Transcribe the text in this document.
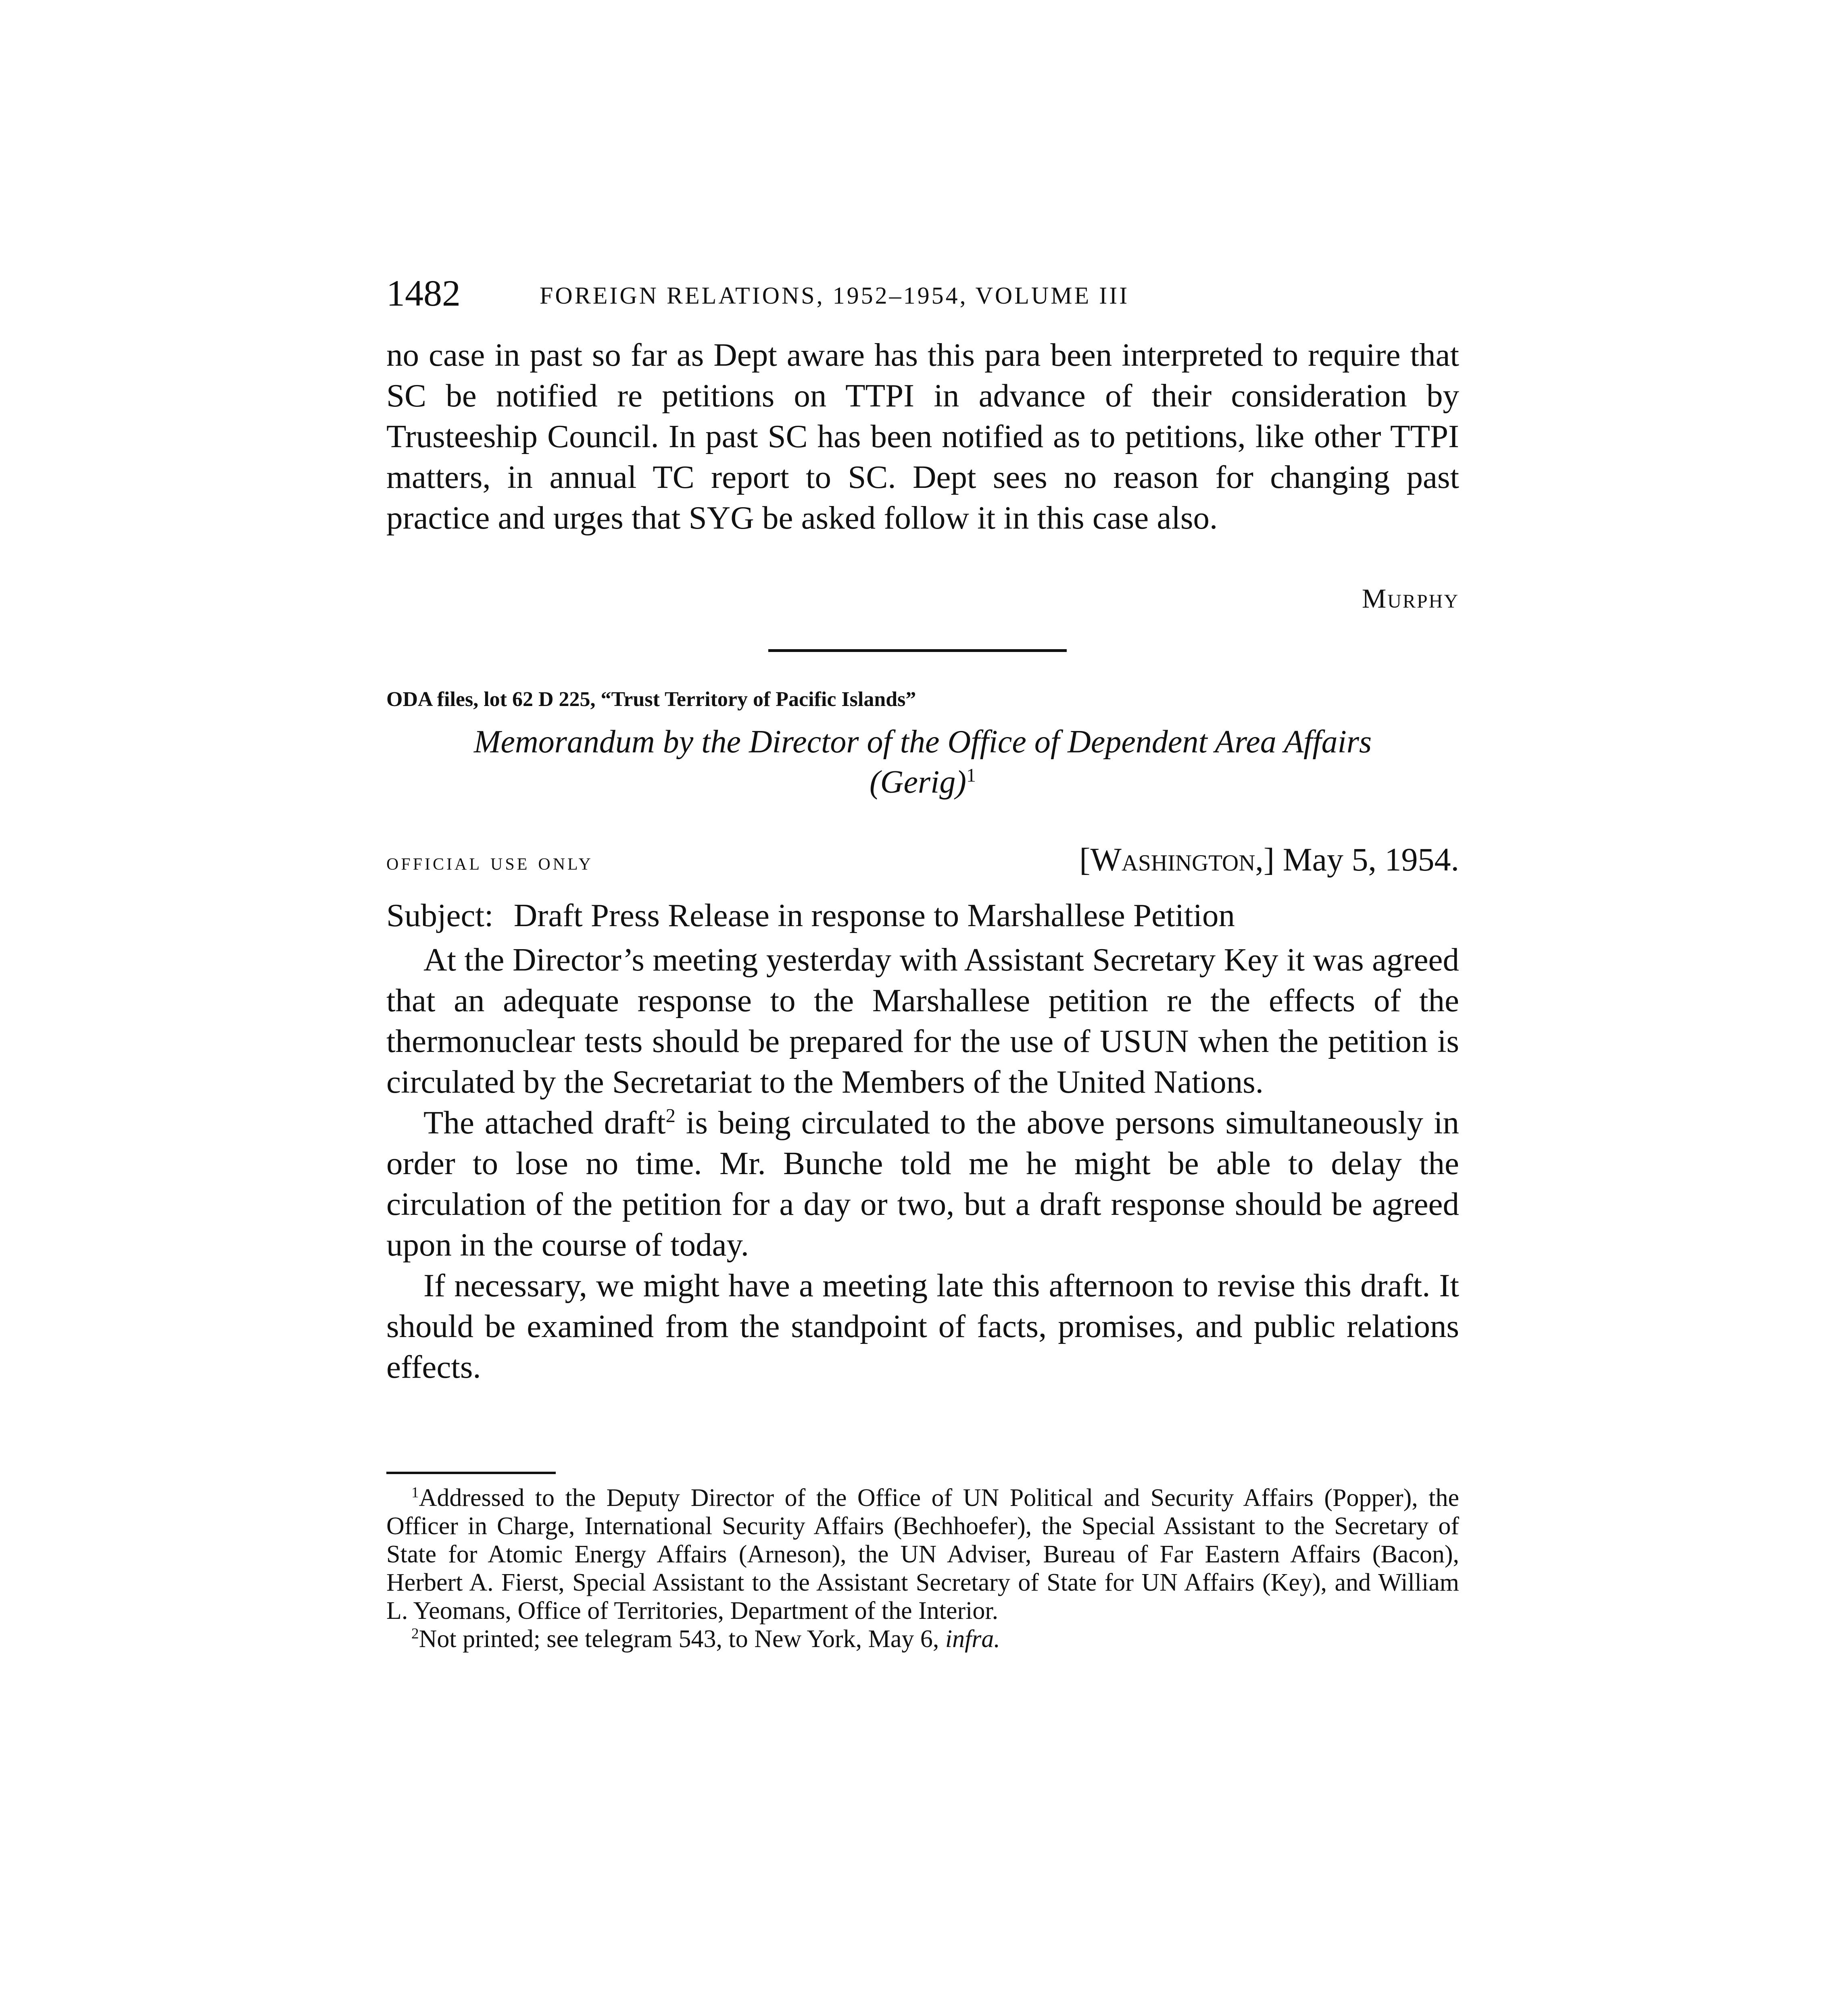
1482	FOREIGN RELATIONS, 1952–1954, VOLUME III

no case in past so far as Dept aware has this para been interpreted to require that SC be notified re petitions on TTPI in advance of their consideration by Trusteeship Council. In past SC has been notified as to petitions, like other TTPI matters, in annual TC report to SC. Dept sees no reason for changing past practice and urges that SYG be asked follow it in this case also.

Murphy
ODA files, lot 62 D 225, “Trust Territory of Pacific Islands”
Memorandum by the Director of the Office of Dependent Area Affairs
(Gerig)$^1$
official use only	[Washington,] May 5, 1954.
Subject: Draft Press Release in response to Marshallese Petition

At the Director’s meeting yesterday with Assistant Secretary Key it was agreed that an adequate response to the Marshallese petition re the effects of the thermonuclear tests should be prepared for the use of USUN when the petition is circulated by the Secretariat to the Members of the United Nations.

The attached draft$^2$ is being circulated to the above persons simultaneously in order to lose no time. Mr. Bunche told me he might be able to delay the circulation of the petition for a day or two, but a draft response should be agreed upon in the course of today.

If necessary, we might have a meeting late this afternoon to revise this draft. It should be examined from the standpoint of facts, promises, and public relations effects.

$^1$Addressed to the Deputy Director of the Office of UN Political and Security Affairs (Popper), the Officer in Charge, International Security Affairs (Bechhoefer), the Special Assistant to the Secretary of State for Atomic Energy Affairs (Arneson), the UN Adviser, Bureau of Far Eastern Affairs (Bacon), Herbert A. Fierst, Special Assistant to the Assistant Secretary of State for UN Affairs (Key), and William L. Yeomans, Office of Territories, Department of the Interior.

$^2$Not printed; see telegram 543, to New York, May 6, infra.
